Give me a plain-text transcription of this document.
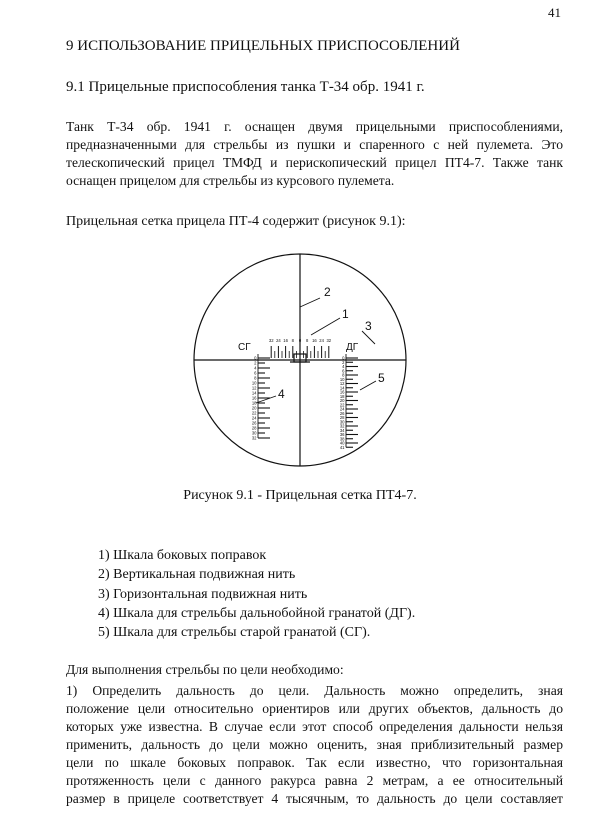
41
9 ИСПОЛЬЗОВАНИЕ ПРИЦЕЛЬНЫХ ПРИСПОСОБЛЕНИЙ
9.1 Прицельные приспособления танка Т-34 обр. 1941 г.
Танк Т-34 обр. 1941 г. оснащен двумя прицельными приспособлениями,
предназначенными для стрельбы из пушки и спаренного с ней пулемета. Это
телескопический прицел ТМФД и перископический прицел ПТ4-7. Также танк
оснащен прицелом для стрельбы из курсового пулемета.
Прицельная сетка прицела ПТ-4 содержит (рисунок 9.1):
32 24 16 8 0 8 16 24 32
СГ	ДГ
0
2
4
6
8
10
12
14
16
18
20
22
24
26
28
30
32
0
2
4
6
8
10
12
14
16
18
20
22
24
26
28
30
32
34
36
38
40
41
1
2
3
4
5
Рисунок 9.1 - Прицельная сетка ПТ4-7.
1) Шкала боковых поправок
2) Вертикальная подвижная нить
3) Горизонтальная подвижная нить
4) Шкала для стрельбы дальнобойной гранатой (ДГ).
5) Шкала для стрельбы старой гранатой (СГ).
Для выполнения стрельбы по цели необходимо:
1) Определить дальность до цели. Дальность можно определить, зная
положение цели относительно ориентиров или других объектов, дальность до
которых уже известна. В случае если этот способ определения дальности нельзя
применить, дальность до цели можно оценить, зная приблизительный размер
цели по шкале боковых поправок. Так если известно, что горизонтальная
протяженность цели с данного ракурса равна 2 метрам, а ее относительный
размер в прицеле соответствует 4 тысячным, то дальность до цели составляет
